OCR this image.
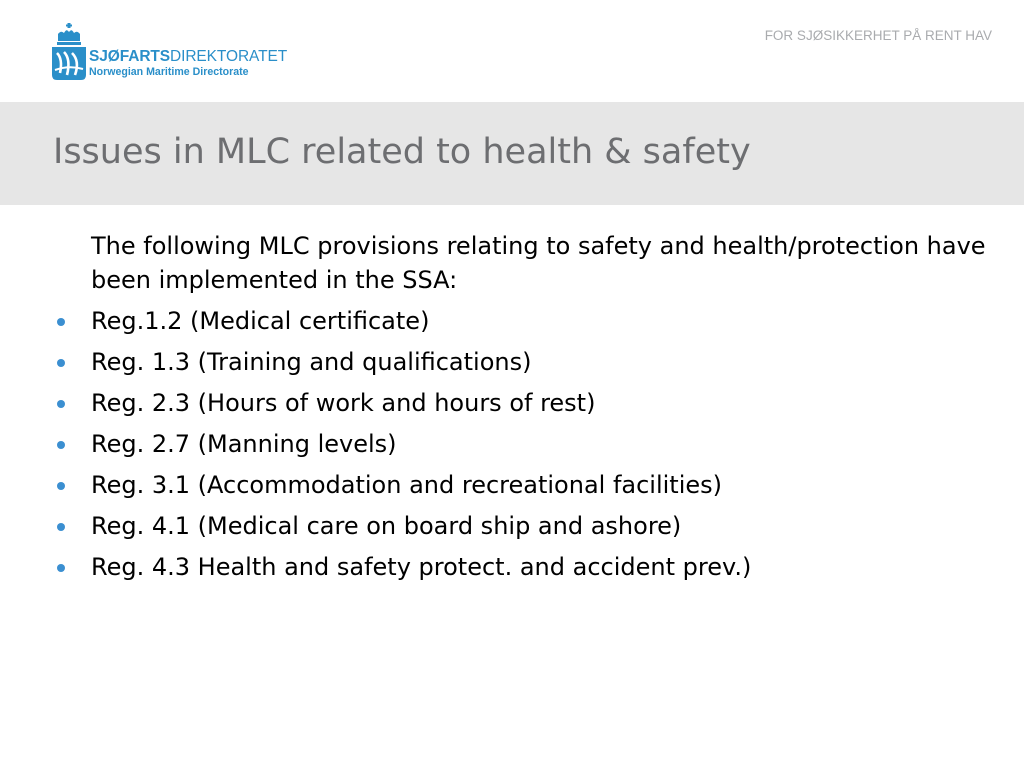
SJØFARTSDIREKTORATET
Norwegian Maritime Directorate
FOR SJØSIKKERHET PÅ RENT HAV
Issues in MLC related to health & safety

The following MLC provisions relating to safety and health/protection have been implemented in the SSA:

Reg.1.2 (Medical certificate)
Reg. 1.3 (Training and qualifications)
Reg. 2.3 (Hours of work and hours of rest)
Reg. 2.7 (Manning levels)
Reg. 3.1 (Accommodation and recreational facilities)
Reg. 4.1 (Medical care on board ship and ashore)
Reg. 4.3 Health and safety protect. and accident prev.)
